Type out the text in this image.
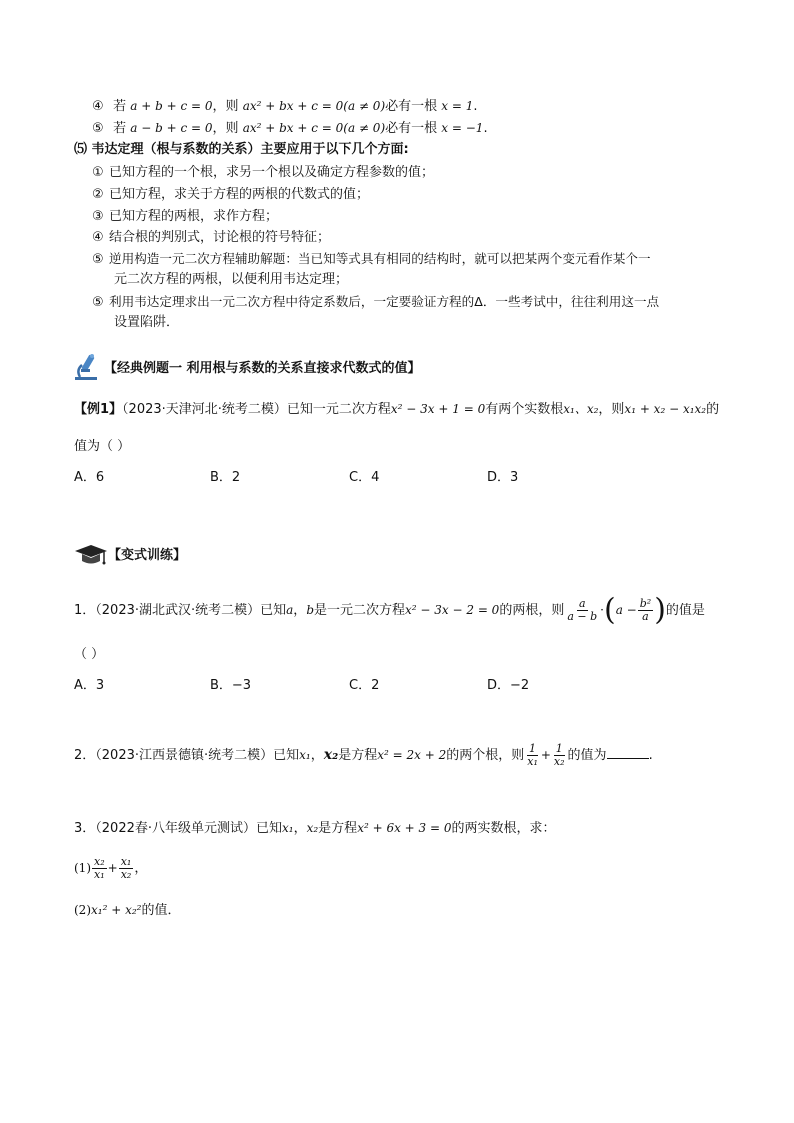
④ 若 a + b + c = 0，则 ax² + bx + c = 0(a ≠ 0)必有一根 x = 1.
⑤ 若 a − b + c = 0，则 ax² + bx + c = 0(a ≠ 0)必有一根 x = −1.
⑸ 韦达定理（根与系数的关系）主要应用于以下几个方面:
① 已知方程的一个根，求另一个根以及确定方程参数的值；
② 已知方程，求关于方程的两根的代数式的值；
③ 已知方程的两根，求作方程；
④ 结合根的判别式，讨论根的符号特征；
⑤ 逆用构造一元二次方程辅助解题：当已知等式具有相同的结构时，就可以把某两个变元看作某个一
元二次方程的两根，以便利用韦达定理；
⑤ 利用韦达定理求出一元二次方程中待定系数后，一定要验证方程的Δ．一些考试中，往往利用这一点
设置陷阱．
【经典例题一 利用根与系数的关系直接求代数式的值】
【例1】（2023·天津河北·统考二模）已知一元二次方程x² − 3x + 1 = 0有两个实数根x₁、x₂，则x₁ + x₂ − x₁x₂的
值为（ ）
A．6	B．2	C．4	D．3
【变式训练】
1．（2023·湖北武汉·统考二模）已知a，b是一元二次方程x² − 3x − 2 = 0的两根，则 $\frac{a}{a - b} \cdot(a - \frac{\text{b²}}{a}$ )的值是
（ ）
A．3	B．−3	C．2	D．−2
2．（2023·江西景德镇·统考二模）已知x₁，x₂是方程x² = 2x + 2的两个根，则 $\frac{1}{\text{x₁}} + \frac{1}{\text{x₂}}$ 的值为	.
3．（2022春·八年级单元测试）已知x₁，x₂是方程x² + 6x + 3 = 0的两实数根，求：
$(1) \frac{\text{x₂}}{\text{x₁}} + \frac{\text{x₁}}{\text{x₂}}$ ，
(2)x₁² + x₂²的值．
